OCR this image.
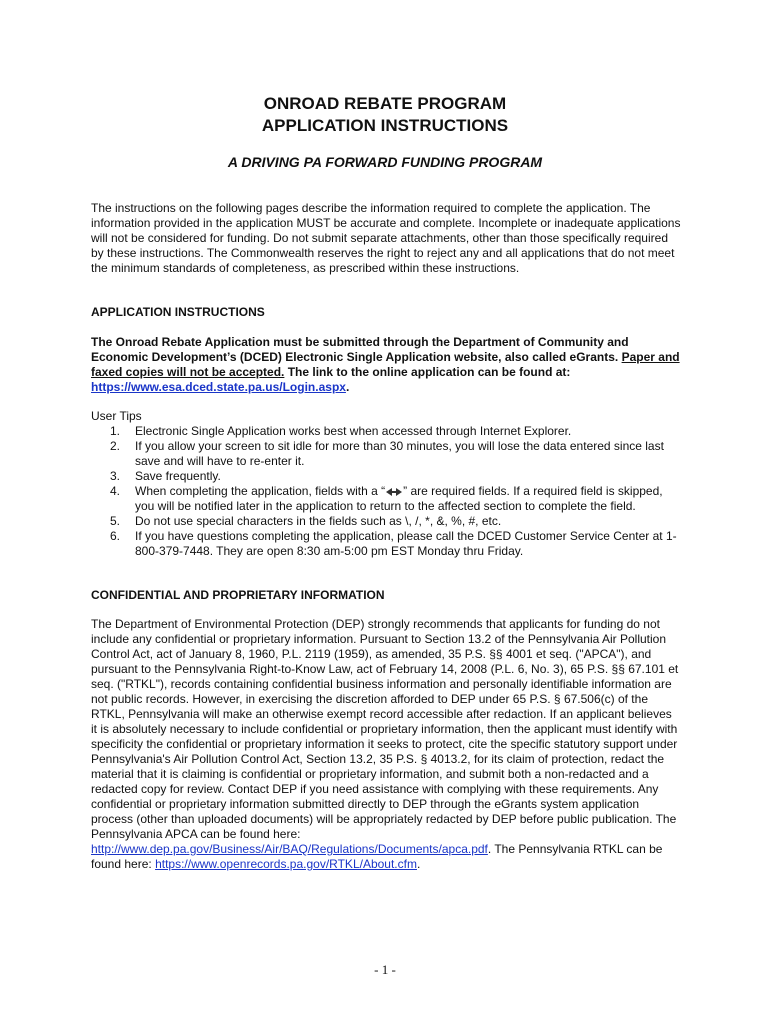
ONROAD REBATE PROGRAM
APPLICATION INSTRUCTIONS
A DRIVING PA FORWARD FUNDING PROGRAM
The instructions on the following pages describe the information required to complete the application. The information provided in the application MUST be accurate and complete. Incomplete or inadequate applications will not be considered for funding. Do not submit separate attachments, other than those specifically required by these instructions. The Commonwealth reserves the right to reject any and all applications that do not meet the minimum standards of completeness, as prescribed within these instructions.
APPLICATION INSTRUCTIONS
The Onroad Rebate Application must be submitted through the Department of Community and Economic Development’s (DCED) Electronic Single Application website, also called eGrants. Paper and faxed copies will not be accepted. The link to the online application can be found at: https://www.esa.dced.state.pa.us/Login.aspx.
User Tips
1.	Electronic Single Application works best when accessed through Internet Explorer.
2.	If you allow your screen to sit idle for more than 30 minutes, you will lose the data entered since last save and will have to re-enter it.
3.	Save frequently.
4.	When completing the application, fields with a “ ” are required fields. If a required field is skipped, you will be notified later in the application to return to the affected section to complete the field.
5.	Do not use special characters in the fields such as \, /, *, &, %, #, etc.
6.	If you have questions completing the application, please call the DCED Customer Service Center at 1-800-379-7448. They are open 8:30 am-5:00 pm EST Monday thru Friday.
CONFIDENTIAL AND PROPRIETARY INFORMATION
The Department of Environmental Protection (DEP) strongly recommends that applicants for funding do not include any confidential or proprietary information. Pursuant to Section 13.2 of the Pennsylvania Air Pollution Control Act, act of January 8, 1960, P.L. 2119 (1959), as amended, 35 P.S. §§ 4001 et seq. ("APCA"), and pursuant to the Pennsylvania Right-to-Know Law, act of February 14, 2008 (P.L. 6, No. 3), 65 P.S. §§ 67.101 et seq. ("RTKL"), records containing confidential business information and personally identifiable information are not public records. However, in exercising the discretion afforded to DEP under 65 P.S. § 67.506(c) of the RTKL, Pennsylvania will make an otherwise exempt record accessible after redaction. If an applicant believes it is absolutely necessary to include confidential or proprietary information, then the applicant must identify with specificity the confidential or proprietary information it seeks to protect, cite the specific statutory support under Pennsylvania's Air Pollution Control Act, Section 13.2, 35 P.S. § 4013.2, for its claim of protection, redact the material that it is claiming is confidential or proprietary information, and submit both a non-redacted and a redacted copy for review. Contact DEP if you need assistance with complying with these requirements. Any confidential or proprietary information submitted directly to DEP through the eGrants system application process (other than uploaded documents) will be appropriately redacted by DEP before public publication. The Pennsylvania APCA can be found here: http://www.dep.pa.gov/Business/Air/BAQ/Regulations/Documents/apca.pdf. The Pennsylvania RTKL can be found here: https://www.openrecords.pa.gov/RTKL/About.cfm.
- 1 -
